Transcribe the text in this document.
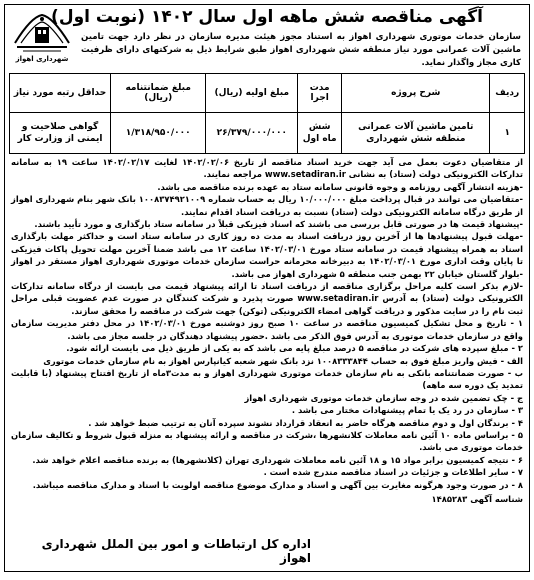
آگهی مناقصه شش ماهه اول سال ۱۴۰۲ (نوبت اول)
شهرداری اهواز
سازمان خدمات موتوری شهرداری اهواز به استناد مجوز هیئت مدیره سازمان در نظر دارد جهت تامین ماشین آلات عمرانی مورد نیاز منطقه شش شهرداری اهواز طبق شرایط ذیل به شرکتهای دارای ظرفیت کاری مجاز واگذار نماید.
ردیف	شرح پروژه	مدت اجرا	مبلغ اولیه (ریال)	مبلغ ضمانتنامه (ریال)	حداقل رتبه مورد نیاز
۱	تامین ماشین آلات عمرانی منطقه شش شهرداری	شش ماه اول	۲۶/۳۷۹/۰۰۰/۰۰۰	۱/۳۱۸/۹۵۰/۰۰۰	گواهی صلاحیت و ایمنی از وزارت کار

از متقاضیان دعوت بعمل می آید جهت خرید اسناد مناقصه از تاریخ ۱۴۰۲/۰۲/۰۶ لغایت ۱۴۰۲/۰۲/۱۷ ساعت ۱۹ به سامانه تدارکات الکترونیکی دولت (ستاد) به نشانی www.setadiran.ir مراجعه نمایند.

-هزینه انتشار آگهی روزنامه و وجوه قانونی سامانه ستاد به عهده برنده مناقصه می باشد.

-متقاضیان می توانند در قبال پرداخت مبلغ ۱۰/۰۰۰/۰۰۰ ریال به حساب شماره ۱۰۰۸۳۷۴۹۲۱۰۰۹ بانک شهر بنام شهرداری اهواز از طریق درگاه سامانه الکترونیکی دولت (ستاد) نسبت به دریافت اسناد اقدام نمایند.

-پیشنهاد قیمت ها در صورتی قابل بررسی می باشند که اسناد فیزیکی قبلاً در سامانه ستاد بارگذاری و مورد تأیید باشند.

-مهلت قبول پیشنهادها ها از آخرین روز دریافت اسناد به مدت ده روز کاری در سامانه ستاد است و حداکثر مهلت بارگذاری اسناد به همراه پیشنهاد قیمت در سامانه ستاد مورخ ۱۴۰۲/۰۳/۰۱ ساعت ۱۲ می باشد ضمنا آخرین مهلت تحویل پاکات فیزیکی تا پایان وقت اداری مورخ ۱۴۰۲/۰۳/۰۱ به دبیرخانه محرمانه حراست سازمان خدمات موتوری شهرداری اهواز مستقر در اهواز -بلوار گلستان خیابان ۲۲ بهمن جنب منطقه ۵ شهرداری اهواز می باشد.

-لازم بذکر است کلیه مراحل برگزاری مناقصه از دریافت اسناد تا ارائه پیشنهاد قیمت می بایست از درگاه سامانه تدارکات الکترونیکی دولت (ستاد) به آدرس www.setadiran.ir صورت پذیرد و شرکت کنندگان در صورت عدم عضویت قبلی مراحل ثبت نام را در سایت مذکور و دریافت گواهی امضاء الکترونیکی (توکن) جهت شرکت در مناقصه را محقق سازند.

۱ - تاریخ و محل تشکیل کمیسیون مناقصه در ساعت ۱۰ صبح روز دوشنبه مورخ ۱۴۰۲/۰۳/۰۱ در محل دفتر مدیریت سازمان واقع در سازمان خدمات موتوری به آدرس فوق الذکر می باشد .حضور پیشنهاد دهندگان در جلسه مجاز می باشد.

۲ - مبلغ سپرده های شرکت در مناقصه ۵ درصد مبلغ پایه می باشد که به یکی از طریق ذیل می بایست ارائه شود.

الف - فیش واریز مبلغ فوق به حساب ۱۰۰۸۳۳۳۸۴۴ نزد بانک شهر شعبه کیانپارس اهواز به نام سازمان خدمات موتوری

ب - صورت ضمانتنامه بانکی به نام سازمان خدمات موتوری شهرداری اهواز و به مدت۳ماه از تاریخ افتتاح پیشنهاد (با قابلیت تمدید یک دوره سه ماهه)

ج - چک تضمین شده در وجه سازمان خدمات موتوری شهرداری اهواز

۳ - سازمان در رد یک یا تمام پیشنهادات مختار می باشد .

۴ - برندگان اول و دوم مناقصه هرگاه حاضر به انعقاد قرارداد نشوند سپرده آنان به ترتیب ضبط خواهد شد .

۵ - براساس ماده ۱۰ آئین نامه معاملات کلانشهرها ،شرکت در مناقصه و ارائه پیشنهاد به منزله قبول شروط و تکالیف سازمان خدمات موتوری می باشد.

۶ - نتیجه کمیسیون برابر مواد ۱۵ و ۱۸ آئین نامه معاملات شهرداری تهران (کلانشهرها) به برنده مناقصه اعلام خواهد شد.

۷ - سایر اطلاعات و جزئیات در اسناد مناقصه مندرج شده است .

۸ - در صورت وجود هرگونه مغایرت بین آگهی و اسناد و مدارک موضوع مناقصه اولویت با اسناد و مدارک مناقصه میباشد.

شناسه آگهی ۱۴۸۵۲۸۳
اداره کل ارتباطات و امور بین الملل شهرداری اهواز
